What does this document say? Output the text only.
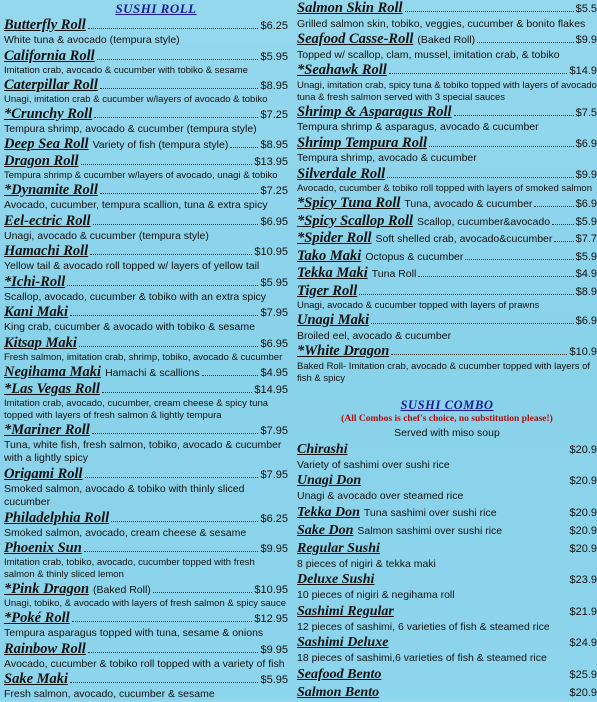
SUSHI ROLL
Butterfly Roll	$6.25
White tuna & avocado (tempura style)
California Roll	$5.95
Imitation crab, avocado & cucumber with tobiko & sesame
Caterpillar Roll	$8.95
Unagi, imitation crab & cucumber w/layers of avocado & tobiko
*Crunchy Roll	$7.25
Tempura shrimp, avocado & cucumber (tempura style)
Deep Sea Roll Variety of fish (tempura style)	$8.95
Dragon Roll	$13.95
Tempura shrimp & cucumber w/layers of avocado, unagi & tobiko
*Dynamite Roll	$7.25
Avocado, cucumber, tempura scallion, tuna & extra spicy
Eel-ectric Roll	$6.95
Unagi, avocado & cucumber (tempura style)
Hamachi Roll	$10.95
Yellow tail & avocado roll topped w/ layers of yellow tail
*Ichi-Roll	$5.95
Scallop, avocado, cucumber & tobiko with an extra spicy
Kani Maki	$7.95
King crab, cucumber & avocado with tobiko & sesame
Kitsap Maki	$6.95
Fresh salmon, imitation crab, shrimp, tobiko, avocado & cucumber
Negihama Maki Hamachi & scallions	$4.95
*Las Vegas Roll	$14.95
Imitation crab, avocado, cucumber, cream cheese & spicy tuna topped with layers of fresh salmon & lightly tempura
*Mariner Roll	$7.95
Tuna, white fish, fresh salmon, tobiko, avocado & cucumber with a lightly spicy
Origami Roll	$7.95
Smoked salmon, avocado & tobiko with thinly sliced cucumber
Philadelphia Roll	$6.25
Smoked salmon, avocado, cream cheese & sesame
Phoenix Sun	$9.95
Imitation crab, tobiko, avocado, cucumber topped with fresh salmon & thinly sliced lemon
*Pink Dragon (Baked Roll)	$10.95
Unagi, tobiko, & avocado with layers of fresh salmon & spicy sauce
*Poké Roll	$12.95
Tempura asparagus topped with tuna, sesame & onions
Rainbow Roll	$9.95
Avocado, cucumber & tobiko roll topped with a variety of fish
Sake Maki	$5.95
Fresh salmon, avocado, cucumber & sesame
Salmon Skin Roll	$5.5
Grilled salmon skin, tobiko, veggies, cucumber & bonito flakes
Seafood Casse-Roll (Baked Roll)	$9.9
Topped w/ scallop, clam, mussel, imitation crab, & tobiko
*Seahawk Roll	$14.9
Unagi, imitation crab, spicy tuna & tobiko topped with layers of avocado tuna & fresh salmon served with 3 special sauces
Shrimp & Asparagus Roll	$7.5
Tempura shrimp & asparagus, avocado & cucumber
Shrimp Tempura Roll	$6.9
Tempura shrimp, avocado & cucumber
Silverdale Roll	$9.9
Avocado, cucumber & tobiko roll topped with layers of smoked salmon
*Spicy Tuna Roll Tuna, avocado & cucumber	$6.9
*Spicy Scallop Roll Scallop, cucumber&avocado $5.9
*Spider Roll Soft shelled crab, avocado&cucumber $7.7
Tako Maki Octopus & cucumber	$5.9
Tekka Maki Tuna Roll	$4.9
Tiger Roll	$8.9
Unagi, avocado & cucumber topped with layers of prawns
Unagi Maki	$6.9
Broiled eel, avocado & cucumber
*White Dragon	$10.9
Baked Roll- Imitation crab, avocado & cucumber topped with layers of fish & spicy
SUSHI COMBO
(All Combos is chef's choice, no substitution please!)
Served with miso soup
Chirashi	$20.9
Variety of sashimi over sushi rice
Unagi Don	$20.9
Unagi & avocado over steamed rice
Tekka Don Tuna sashimi over sushi rice	$20.9
Sake Don Salmon sashimi over sushi rice	$20.9
Regular Sushi	$20.9
8 pieces of nigiri & tekka maki
Deluxe Sushi	$23.9
10 pieces of nigiri & negihama roll
Sashimi Regular	$21.9
12 pieces of sashimi, 6 varieties of fish & steamed rice
Sashimi Deluxe	$24.9
18 pieces of sashimi,6 varieties of fish & steamed rice
Seafood Bento	$25.9
Salmon Bento	$20.9
